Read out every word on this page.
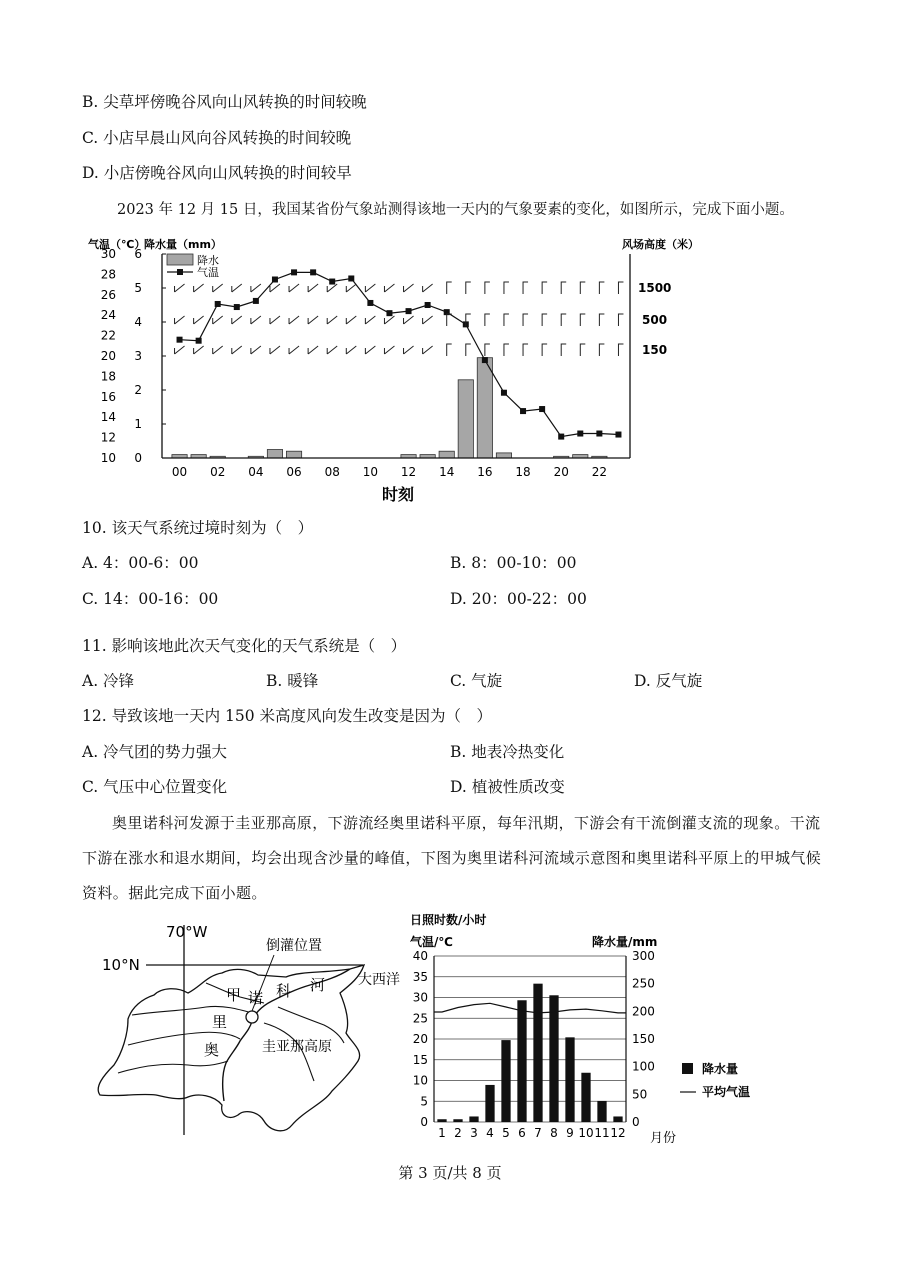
B. 尖草坪傍晚谷风向山风转换的时间较晚
C. 小店早晨山风向谷风转换的时间较晚
D. 小店傍晚谷风向山风转换的时间较早
2023 年 12 月 15 日，我国某省份气象站测得该地一天内的气象要素的变化，如图所示，完成下面小题。
10
12
14
16
18
20
22
24
26
28
30
0
1
2
3
4
5
6
00 02 04 06 08 10 12 14 16 18 20 22
气温（℃）
降水量（mm）	风场高度（米）
降水
气温
1500
500
150
时刻
10. 该天气系统过境时刻为（　）
A. 4：00-6：00	B. 8：00-10：00
C. 14：00-16：00	D. 20：00-22：00
11. 影响该地此次天气变化的天气系统是（　）
A. 冷锋	B. 暖锋	C. 气旋	D. 反气旋
12. 导致该地一天内 150 米高度风向发生改变是因为（　）
A. 冷气团的势力强大	B. 地表冷热变化
C. 气压中心位置变化	D. 植被性质改变
奥里诺科河发源于圭亚那高原，下游流经奥里诺科平原，每年汛期，下游会有干流倒灌支流的现象。干流下游在涨水和退水期间，均会出现含沙量的峰值，下图为奥里诺科河流域示意图和奥里诺科平原上的甲城气候资料。据此完成下面小题。
70°W
10°N
倒灌位置
大西洋
甲 诺 科 河
里
奥	圭亚那高原
0
5
10
15
20
25
30
35
40
0
50
100
150
200
250
300
1 2 3 4 5 6 7 8 9 10 11 12
日照时数/小时
气温/℃	降水量/mm
月份
降水量
平均气温
第 3 页/共 8 页
